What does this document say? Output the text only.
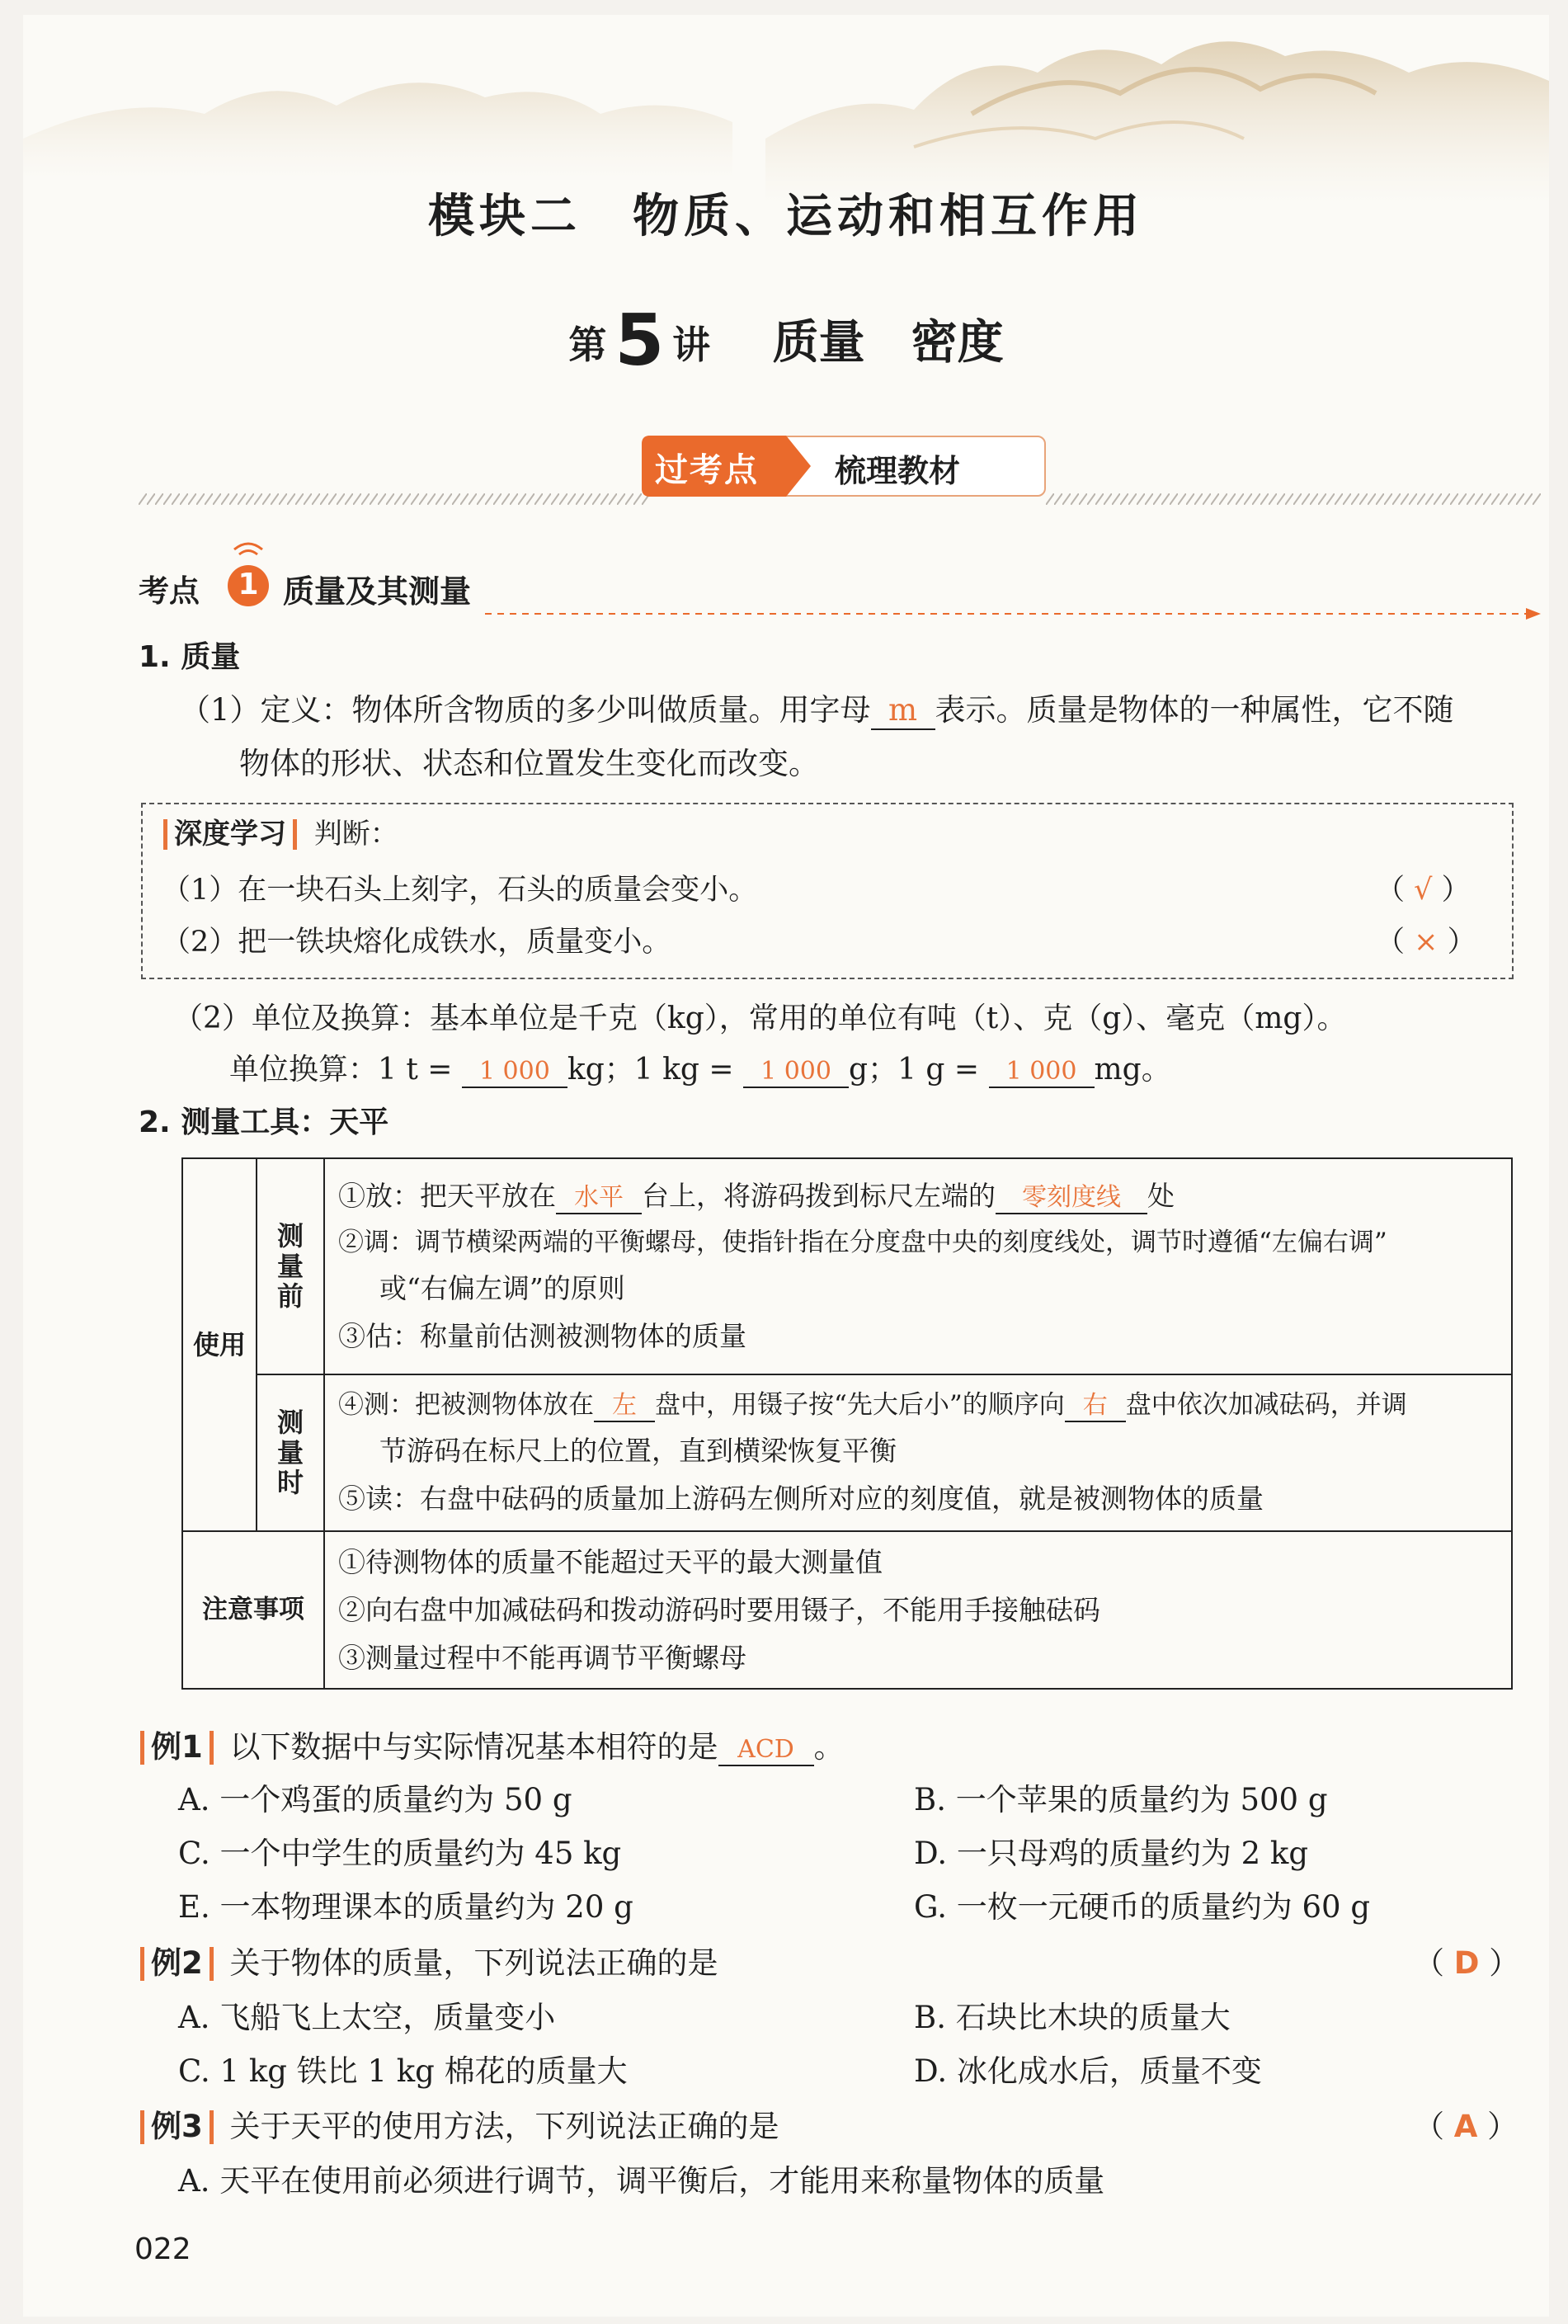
模块二　物质、运动和相互作用
第 5 讲 质量　密度
过考点 梳理教材
考点 1 质量及其测量
1. 质量
（1）定义：物体所含物质的多少叫做质量。用字母 m 表示。质量是物体的一种属性，它不随
物体的形状、状态和位置发生变化而改变。
深度学习 判断：
（1）在一块石头上刻字，石头的质量会变小。	（ √ ）
（2）把一铁块熔化成铁水，质量变小。	（ × ）
（2）单位及换算：基本单位是千克（kg），常用的单位有吨（t）、克（g）、毫克（mg）。
单位换算：1 t = 1 000 kg；1 kg = 1 000 g；1 g = 1 000 mg。
2. 测量工具：天平
使用	测量前	①放：把天平放在 水平 台上，将游码拨到标尺左端的 零刻度线 处
②调：调节横梁两端的平衡螺母，使指针指在分度盘中央的刻度线处，调节时遵循“左偏右调”
或“右偏左调”的原则
③估：称量前估测被测物体的质量

	测量时	④测：把被测物体放在 左 盘中，用镊子按“先大后小”的顺序向 右 盘中依次加减砝码，并调
节游码在标尺上的位置，直到横梁恢复平衡
⑤读：右盘中砝码的质量加上游码左侧所对应的刻度值，就是被测物体的质量

注意事项		①待测物体的质量不能超过天平的最大测量值
②向右盘中加减砝码和拨动游码时要用镊子，不能用手接触砝码
③测量过程中不能再调节平衡螺母
例1 以下数据中与实际情况基本相符的是 ACD 。
A. 一个鸡蛋的质量约为 50 g	B. 一个苹果的质量约为 500 g
C. 一个中学生的质量约为 45 kg	D. 一只母鸡的质量约为 2 kg
E. 一本物理课本的质量约为 20 g	G. 一枚一元硬币的质量约为 60 g
例2 关于物体的质量，下列说法正确的是	（ D ）
A. 飞船飞上太空，质量变小	B. 石块比木块的质量大
C. 1 kg 铁比 1 kg 棉花的质量大	D. 冰化成水后，质量不变
例3 关于天平的使用方法，下列说法正确的是	（ A ）
A. 天平在使用前必须进行调节，调平衡后，才能用来称量物体的质量
022
